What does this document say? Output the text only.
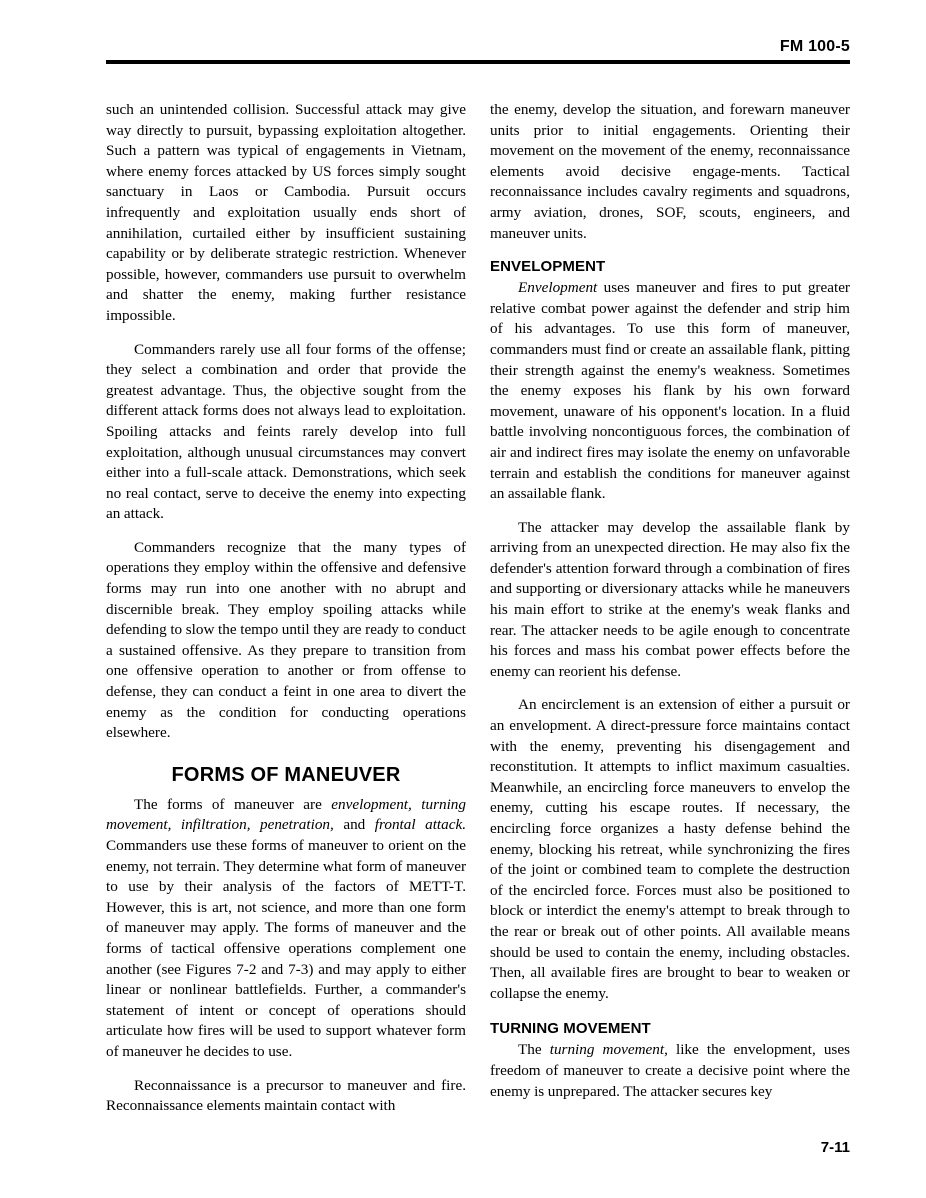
FM 100-5

such an unintended collision. Successful attack may give way directly to pursuit, bypassing exploitation altogether. Such a pattern was typical of engagements in Vietnam, where enemy forces attacked by US forces simply sought sanctuary in Laos or Cambodia. Pursuit occurs infrequently and exploitation usually ends short of annihilation, curtailed either by insufficient sustaining capability or by deliberate strategic restriction. Whenever possible, however, commanders use pursuit to overwhelm and shatter the enemy, making further resistance impossible.

Commanders rarely use all four forms of the offense; they select a combination and order that provide the greatest advantage. Thus, the objective sought from the different attack forms does not always lead to exploitation. Spoiling attacks and feints rarely develop into full exploitation, although unusual circumstances may convert either into a full-scale attack. Demonstrations, which seek no real contact, serve to deceive the enemy into expecting an attack.

Commanders recognize that the many types of operations they employ within the offensive and defensive forms may run into one another with no abrupt and discernible break. They employ spoiling attacks while defending to slow the tempo until they are ready to conduct a sustained offensive. As they prepare to transition from one offensive operation to another or from offense to defense, they can conduct a feint in one area to divert the enemy as the condition for conducting operations elsewhere.

FORMS OF MANEUVER

The forms of maneuver are envelopment, turning movement, infiltration, penetration, and frontal attack. Commanders use these forms of maneuver to orient on the enemy, not terrain. They determine what form of maneuver to use by their analysis of the factors of METT-T. However, this is art, not science, and more than one form of maneuver may apply. The forms of maneuver and the forms of tactical offensive operations complement one another (see Figures 7-2 and 7-3) and may apply to either linear or nonlinear battlefields. Further, a commander's statement of intent or concept of operations should articulate how fires will be used to support whatever form of maneuver he decides to use.

Reconnaissance is a precursor to maneuver and fire. Reconnaissance elements maintain contact with

the enemy, develop the situation, and forewarn maneuver units prior to initial engagements. Orienting their movement on the movement of the enemy, reconnaissance elements avoid decisive engage-ments. Tactical reconnaissance includes cavalry regiments and squadrons, army aviation, drones, SOF, scouts, engineers, and maneuver units.

ENVELOPMENT

Envelopment uses maneuver and fires to put greater relative combat power against the defender and strip him of his advantages. To use this form of maneuver, commanders must find or create an assailable flank, pitting their strength against the enemy's weakness. Sometimes the enemy exposes his flank by his own forward movement, unaware of his opponent's location. In a fluid battle involving noncontiguous forces, the combination of air and indirect fires may isolate the enemy on unfavorable terrain and establish the conditions for maneuver against an assailable flank.

The attacker may develop the assailable flank by arriving from an unexpected direction. He may also fix the defender's attention forward through a combination of fires and supporting or diversionary attacks while he maneuvers his main effort to strike at the enemy's weak flanks and rear. The attacker needs to be agile enough to concentrate his forces and mass his combat power effects before the enemy can reorient his defense.

An encirclement is an extension of either a pursuit or an envelopment. A direct-pressure force maintains contact with the enemy, preventing his disengagement and reconstitution. It attempts to inflict maximum casualties. Meanwhile, an encircling force maneuvers to envelop the enemy, cutting his escape routes. If necessary, the encircling force organizes a hasty defense behind the enemy, blocking his retreat, while synchronizing the fires of the joint or combined team to complete the destruction of the encircled force. Forces must also be positioned to block or interdict the enemy's attempt to break through to the rear or break out of other points. All available means should be used to contain the enemy, including obstacles. Then, all available fires are brought to bear to weaken or collapse the enemy.

TURNING MOVEMENT

The turning movement, like the envelopment, uses freedom of maneuver to create a decisive point where the enemy is unprepared. The attacker secures key

7-11
